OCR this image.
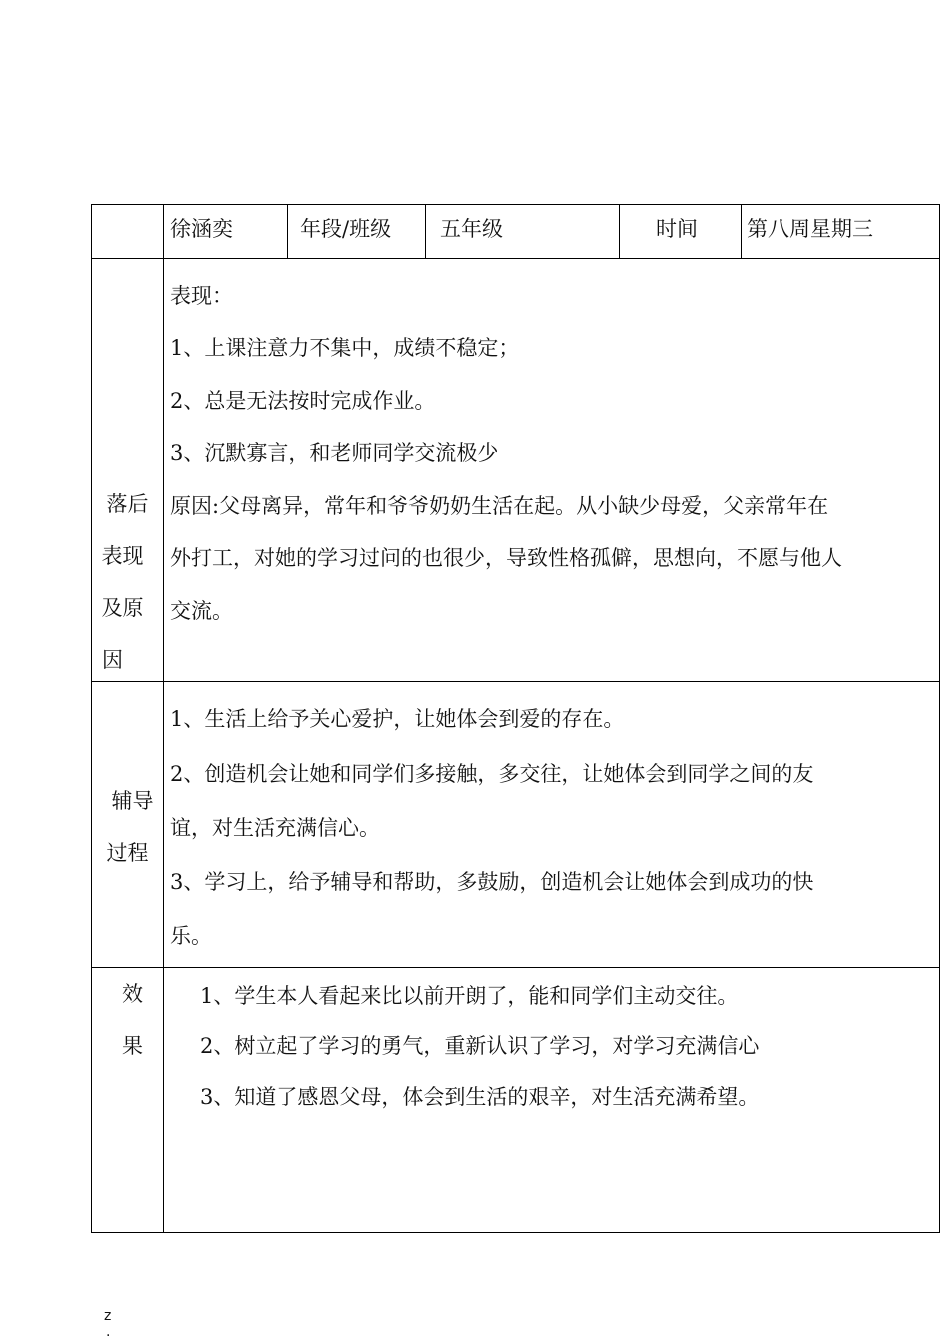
徐涵奕	年段/班级 五年级	时间 第八周星期三
落后
表现
及原
因
表现：
1、上课注意力不集中，成绩不稳定；
2、总是无法按时完成作业。
3、沉默寡言，和老师同学交流极少
原因:父母离异，常年和爷爷奶奶生活在起。从小缺少母爱，父亲常年在
外打工，对她的学习过问的也很少，导致性格孤僻，思想向，不愿与他人
交流。
辅导
过程
1、生活上给予关心爱护，让她体会到爱的存在。
2、创造机会让她和同学们多接触，多交往，让她体会到同学之间的友
谊，对生活充满信心。
3、学习上，给予辅导和帮助，多鼓励，创造机会让她体会到成功的快
乐。
效
果
1、学生本人看起来比以前开朗了，能和同学们主动交往。
2、树立起了学习的勇气，重新认识了学习，对学习充满信心
3、知道了感恩父母，体会到生活的艰辛，对生活充满希望。
z
.
